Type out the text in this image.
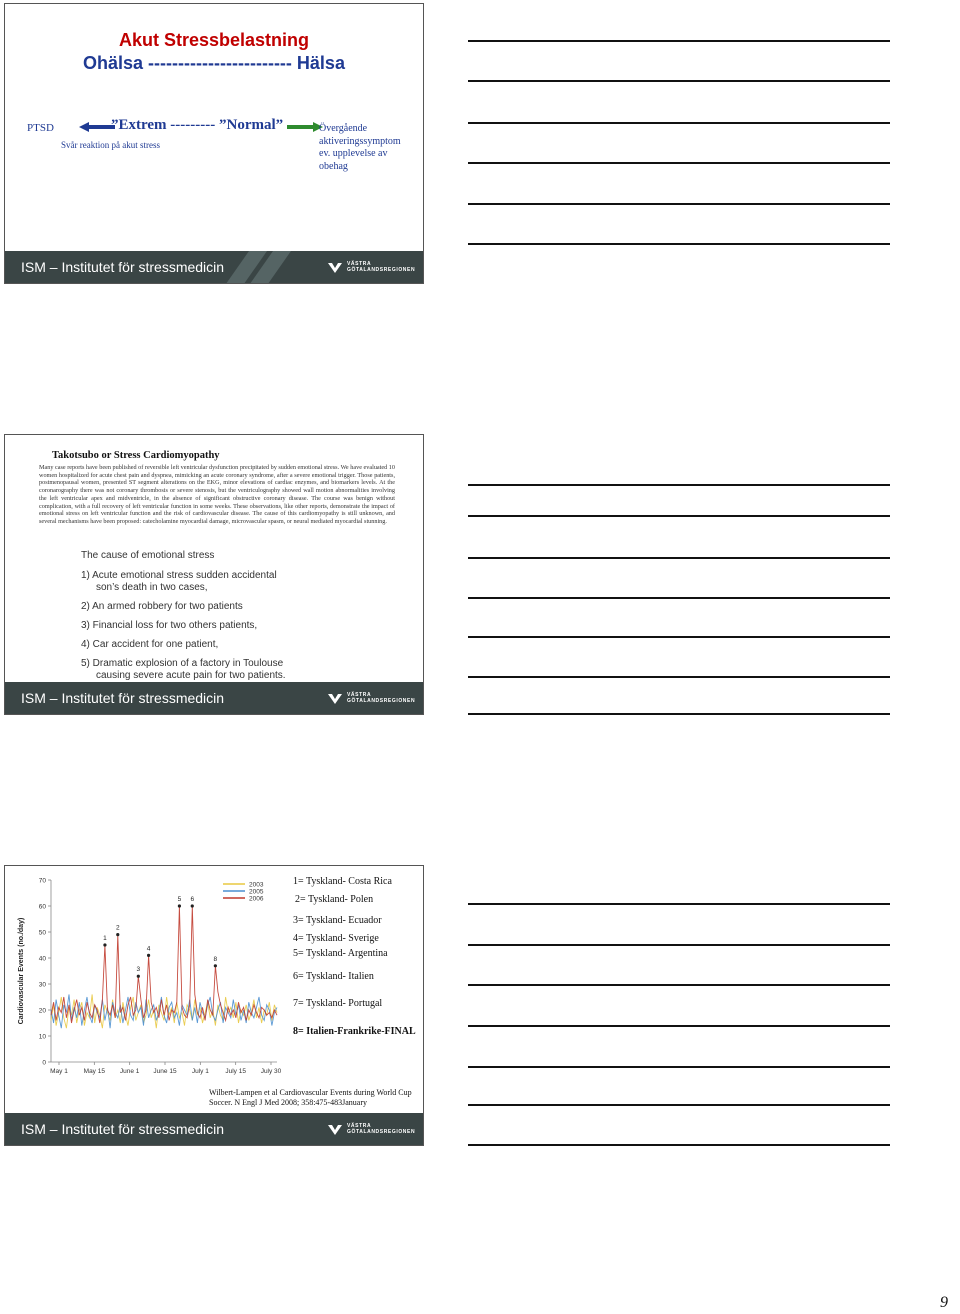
Akut Stressbelastning
Ohälsa ------------------------ Hälsa
PTSD	”Extrem --------- ”Normal”
Svår reaktion på akut stress
Övergående
aktiveringssymptom
ev. upplevelse av
obehag
ISM – Institutet för stressmedicin	VÄSTRA
GÖTALANDSREGIONEN
Takotsubo or Stress Cardiomyopathy
Many case reports have been published of reversible left ventricular dysfunction precipitated by sudden emotional stress. We have evaluated 10 women hospitalized for acute chest pain and dyspnea, mimicking an acute coronary syndrome, after a severe emotional trigger. Those patients, postmenopausal women, presented ST segment alterations on the EKG, minor elevations of cardiac enzymes, and biomarkers levels. At the coronarography there was not coronary thrombosis or severe stenosis, but the ventriculography showed wall motion abnormalities involving the left ventricular apex and midventricle, in the absence of significant obstructive coronary disease. The course was benign without complication, with a full recovery of left ventricular function in some weeks. These observations, like other reports, demonstrate the impact of emotional stress on left ventricular function and the risk of cardiovascular disease. The cause of this cardiomyopathy is still unknown, and several mechanisms have been proposed: catecholamine myocardial damage, microvascular spasm, or neural mediated myocardial stunning.
The cause of emotional stress
1) Acute emotional stress sudden accidental son’s death in two cases,
2) An armed robbery for two patients
3) Financial loss for two others patients,
4) Car accident for one patient,
5) Dramatic explosion of a factory in Toulouse causing severe acute pain for two patients.
ISM – Institutet för stressmedicin	VÄSTRA
GÖTALANDSREGIONEN
0
10
20
30
40
50
60
70
May 1 May 15 June 1 June 15 July 1	July 15 July 30
Cardiovascular Events (no./day)	1
2
3
4
5 6
8
2003
2005
2006
1= Tyskland- Costa Rica
2= Tyskland- Polen
3= Tyskland- Ecuador
4= Tyskland- Sverige
5= Tyskland- Argentina
6= Tyskland- Italien
7= Tyskland- Portugal
8= Italien-Frankrike-FINAL
Wilbert-Lampen et al Cardiovascular Events during World Cup Soccer. N Engl J Med 2008; 358:475-483January
ISM – Institutet för stressmedicin	VÄSTRA
GÖTALANDSREGIONEN
9
